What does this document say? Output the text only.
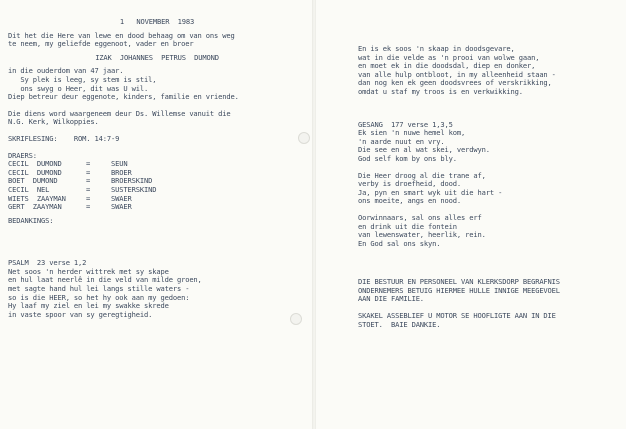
1   NOVEMBER  1983
Dit het die Here van lewe en dood behaag om van ons weg
te neem, my geliefde eggenoot, vader en broer
IZAK  JOHANNES  PETRUS  DUMOND
in die ouderdom van 47 jaar.
Sy plek is leeg, sy stem is stil,
ons swyg o Heer, dit was U wil.
Diep betreur deur eggenote, kinders, familie en vriende.
Die diens word waargeneem deur Ds. Willemse vanuit die
N.G. Kerk, Wilkoppies.
SKRIFLESING:    ROM. 14:7-9
DRAERS:
CECIL  DUMOND	=	SEUN
CECIL  DUMOND	=	BROER
BOET  DUMOND	=	BROERSKIND
CECIL  NEL	=	SUSTERSKIND
WIETS  ZAAYMAN	=	SWAER
GERT  ZAAYMAN	=	SWAER
BEDANKINGS:
PSALM  23 verse 1,2
Net soos 'n herder wittrek met sy skape
en hul laat neerlê in die veld van milde groen,
met sagte hand hul lei langs stille waters -
so is die HEER, so het hy ook aan my gedoen:
Hy laaf my ziel en lei my swakke skrede
in vaste spoor van sy geregtigheid.
En is ek soos 'n skaap in doodsgevare,
wat in die velde as 'n prooi van wolwe gaan,
en moet ek in die doodsdal, diep en donker,
van alle hulp ontbloot, in my alleenheid staan -
dan nog ken ek geen doodsvrees of verskrikking,
omdat u staf my troos is en verkwikking.
GESANG  177 verse 1,3,5
Ek sien 'n nuwe hemel kom,
'n aarde nuut en vry.
Die see en al wat skei, verdwyn.
God self kom by ons bly.
Die Heer droog al die trane af,
verby is droefheid, dood.
Ja, pyn en smart wyk uit die hart -
ons moeite, angs en nood.
Oorwinnaars, sal ons alles erf
en drink uit die fontein
van lewenswater, heerlik, rein.
En God sal ons skyn.
DIE BESTUUR EN PERSONEEL VAN KLERKSDORP BEGRAFNIS
ONDERNEMERS BETUIG HIERMEE HULLE INNIGE MEEGEVOEL
AAN DIE FAMILIE.
SKAKEL ASSEBLIEF U MOTOR SE HOOFLIGTE AAN IN DIE
STOET.  BAIE DANKIE.
